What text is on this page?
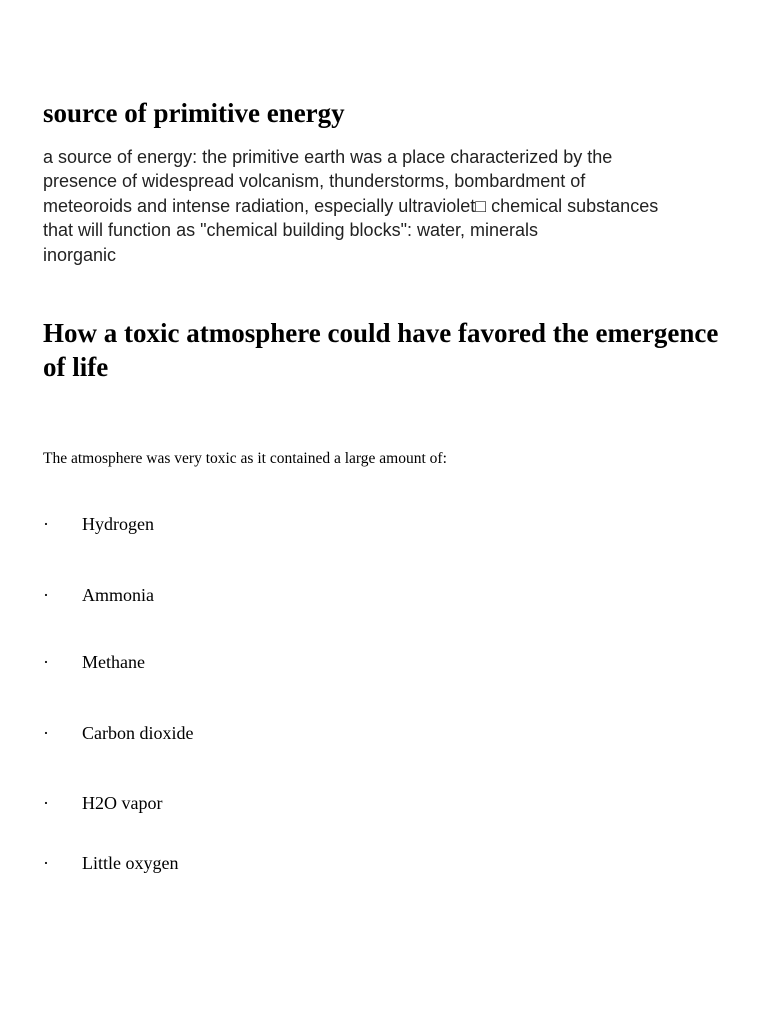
source of primitive energy

a source of energy: the primitive earth was a place characterized by the
presence of widespread volcanism, thunderstorms, bombardment of
meteoroids and intense radiation, especially ultraviolet□ chemical substances
that will function as "chemical building blocks": water, minerals
inorganic

How a toxic atmosphere could have favored the emergence
of life

The atmosphere was very toxic as it contained a large amount of:

· Hydrogen
· Ammonia
· Methane
· Carbon dioxide
· H2O vapor
· Little oxygen
